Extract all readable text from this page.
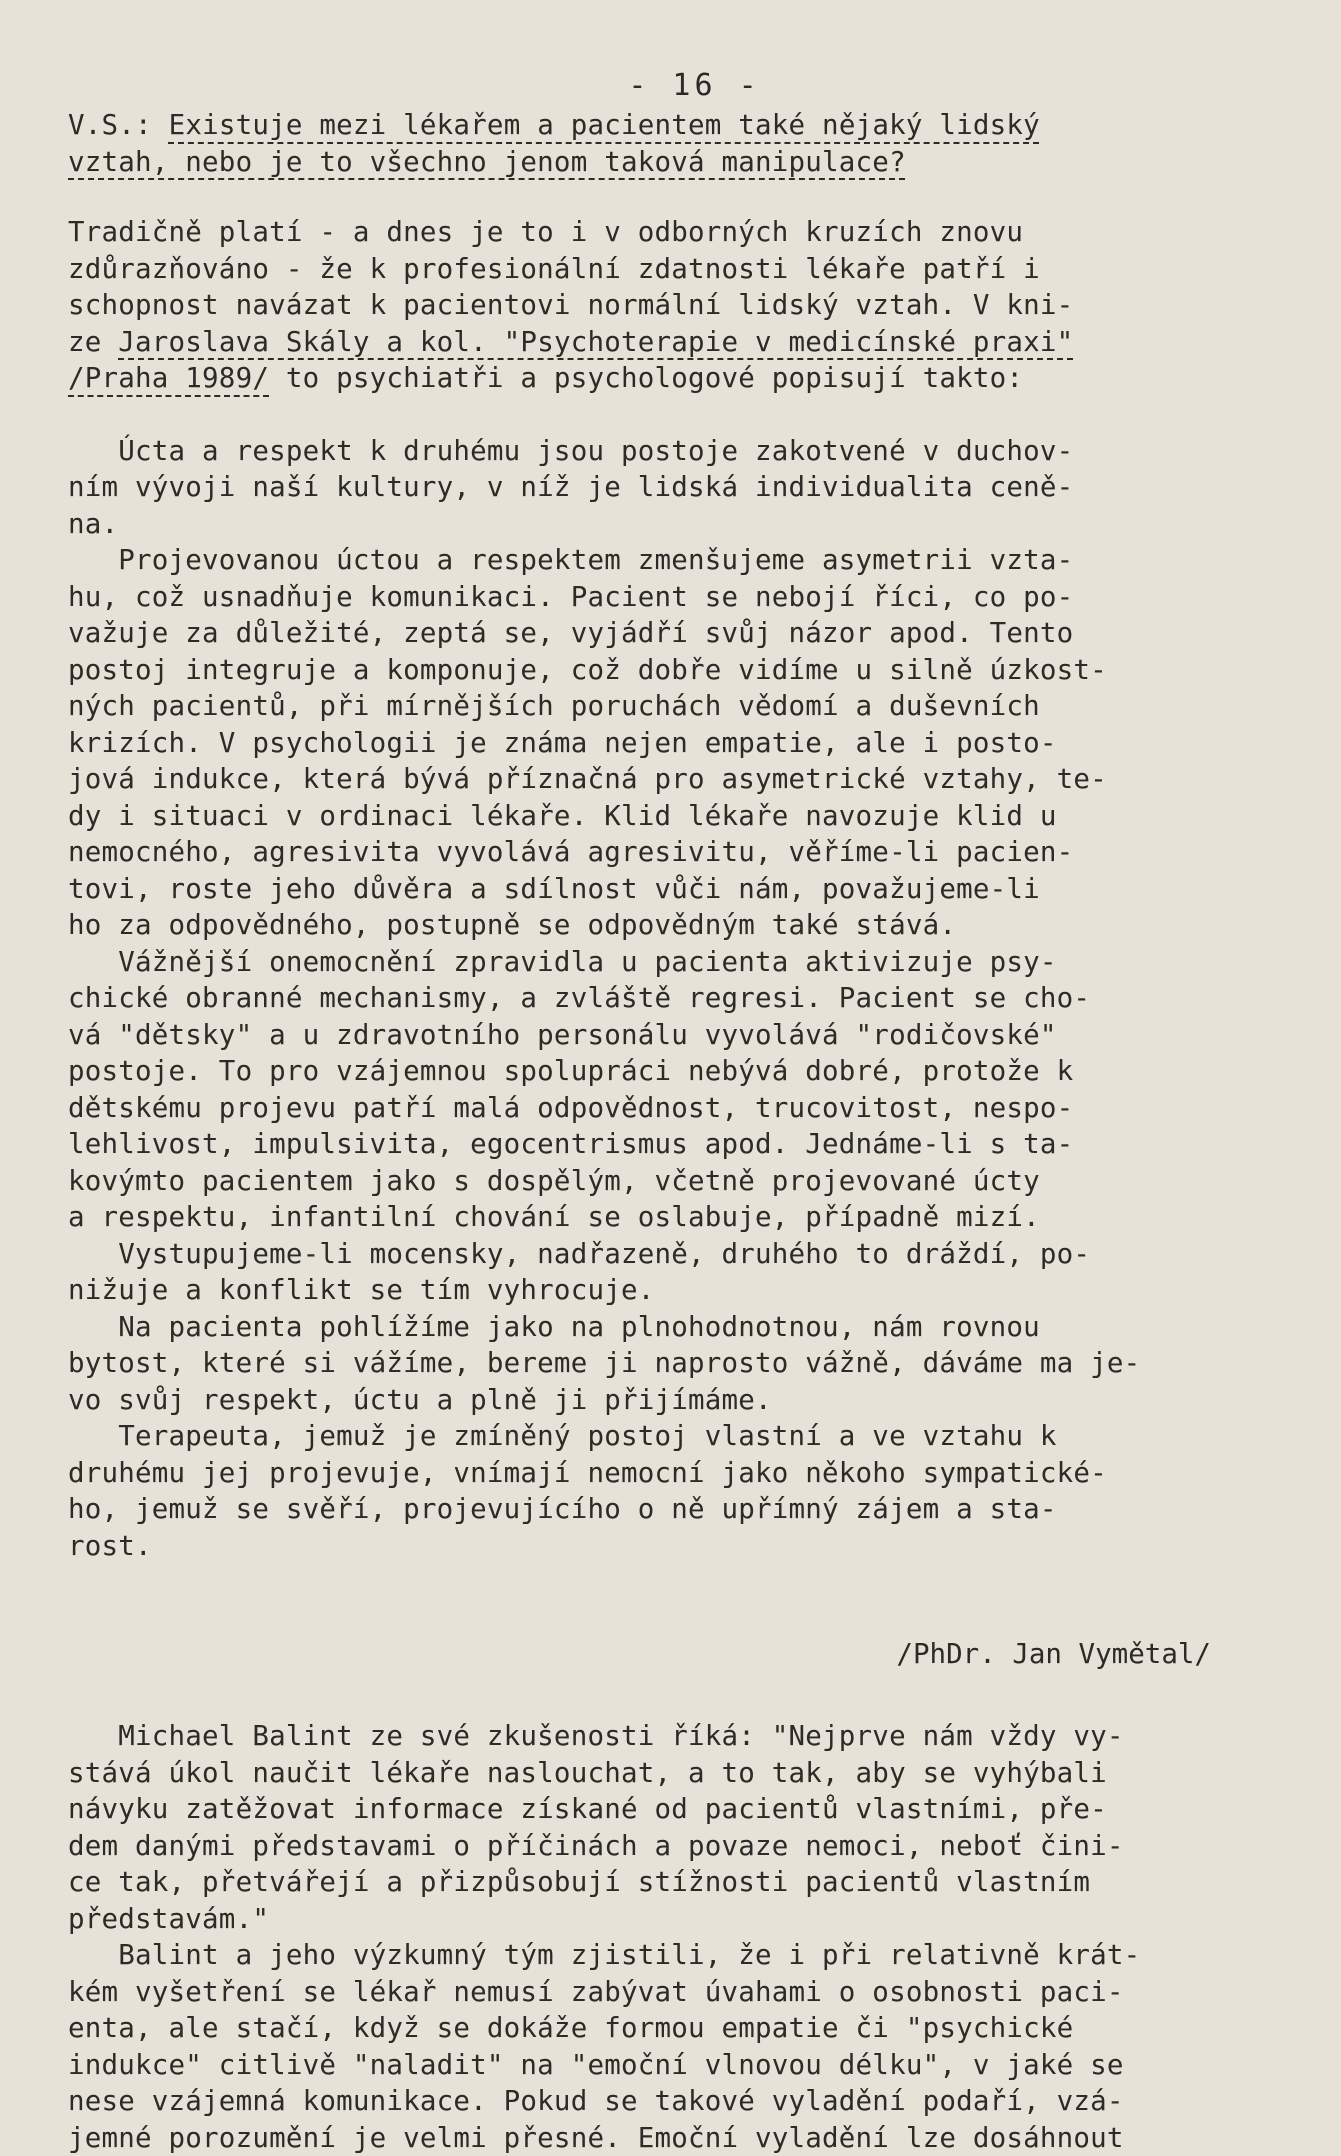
- 16 -

V.S.: Existuje mezi lékařem a pacientem také nějaký lidský
vztah, nebo je to všechno jenom taková manipulace?

Tradičně platí - a dnes je to i v odborných kruzích znovu
zdůrazňováno - že k profesionální zdatnosti lékaře patří i
schopnost navázat k pacientovi normální lidský vztah. V kni-
ze Jaroslava Skály a kol. "Psychoterapie v medicínské praxi"
/Praha 1989/ to psychiatři a psychologové popisují takto:

Úcta a respekt k druhému jsou postoje zakotvené v duchov-
ním vývoji naší kultury, v níž je lidská individualita ceně-
na.

Projevovanou úctou a respektem zmenšujeme asymetrii vzta-
hu, což usnadňuje komunikaci. Pacient se nebojí říci, co po-
važuje za důležité, zeptá se, vyjádří svůj názor apod. Tento
postoj integruje a komponuje, což dobře vidíme u silně úzkost-
ných pacientů, při mírnějších poruchách vědomí a duševních
krizích. V psychologii je známa nejen empatie, ale i posto-
jová indukce, která bývá příznačná pro asymetrické vztahy, te-
dy i situaci v ordinaci lékaře. Klid lékaře navozuje klid u
nemocného, agresivita vyvolává agresivitu, věříme-li pacien-
tovi, roste jeho důvěra a sdílnost vůči nám, považujeme-li
ho za odpovědného, postupně se odpovědným také stává.

Vážnější onemocnění zpravidla u pacienta aktivizuje psy-
chické obranné mechanismy, a zvláště regresi. Pacient se cho-
vá "dětsky" a u zdravotního personálu vyvolává "rodičovské"
postoje. To pro vzájemnou spolupráci nebývá dobré, protože k
dětskému projevu patří malá odpovědnost, trucovitost, nespo-
lehlivost, impulsivita, egocentrismus apod. Jednáme-li s ta-
kovýmto pacientem jako s dospělým, včetně projevované úcty
a respektu, infantilní chování se oslabuje, případně mizí.

Vystupujeme-li mocensky, nadřazeně, druhého to dráždí, po-
nižuje a konflikt se tím vyhrocuje.

Na pacienta pohlížíme jako na plnohodnotnou, nám rovnou
bytost, které si vážíme, bereme ji naprosto vážně, dáváme ma je-
vo svůj respekt, úctu a plně ji přijímáme.

Terapeuta, jemuž je zmíněný postoj vlastní a ve vztahu k
druhému jej projevuje, vnímají nemocní jako někoho sympatické-
ho, jemuž se svěří, projevujícího o ně upřímný zájem a sta-
rost.

/PhDr. Jan Vymětal/

Michael Balint ze své zkušenosti říká: "Nejprve nám vždy vy-
stává úkol naučit lékaře naslouchat, a to tak, aby se vyhýbali
návyku zatěžovat informace získané od pacientů vlastními, pře-
dem danými představami o příčinách a povaze nemoci, neboť čini-
ce tak, přetvářejí a přizpůsobují stížnosti pacientů vlastním
představám."

Balint a jeho výzkumný tým zjistili, že i při relativně krát-
kém vyšetření se lékař nemusí zabývat úvahami o osobnosti paci-
enta, ale stačí, když se dokáže formou empatie či "psychické
indukce" citlivě "naladit" na "emoční vlnovou délku", v jaké se
nese vzájemná komunikace. Pokud se takové vyladění podaří, vzá-
jemné porozumění je velmi přesné. Emoční vyladění lze dosáhnout
